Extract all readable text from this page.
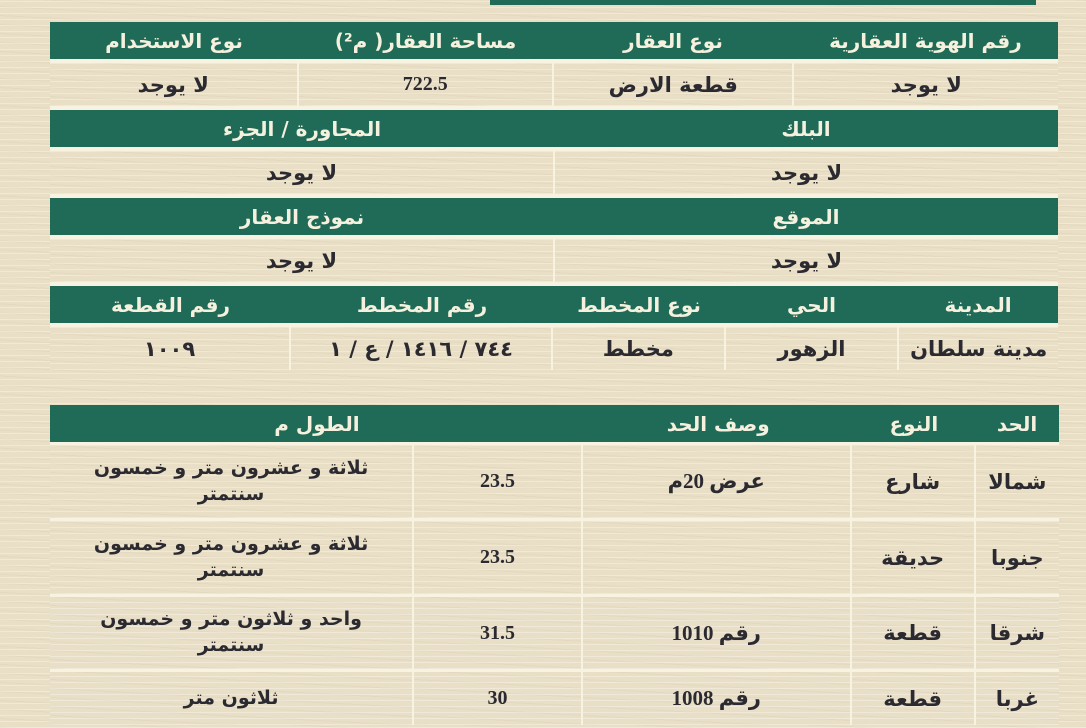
رقم الهوية العقارية
نوع العقار
مساحة العقار( م²)
نوع الاستخدام
لا يوجد
قطعة الارض
722.5
لا يوجد
البلك
المجاورة / الجزء
لا يوجد
لا يوجد
الموقع
نموذج العقار
لا يوجد
لا يوجد
المدينة
الحي
نوع المخطط
رقم المخطط
رقم القطعة
مدينة سلطان
الزهور
مخطط
٧٤٤ / ١٤١٦ / ع / ١
١٠٠٩
الحد
النوع
وصف الحد
الطول م
شمالا
شارع
عرض 20م
23.5
ثلاثة و عشرون متر و خمسون سنتمتر
جنوبا
حديقة
23.5
ثلاثة و عشرون متر و خمسون سنتمتر
شرقا
قطعة
رقم 1010
31.5
واحد و ثلاثون متر و خمسون سنتمتر
غربا
قطعة
رقم 1008
30
ثلاثون متر
